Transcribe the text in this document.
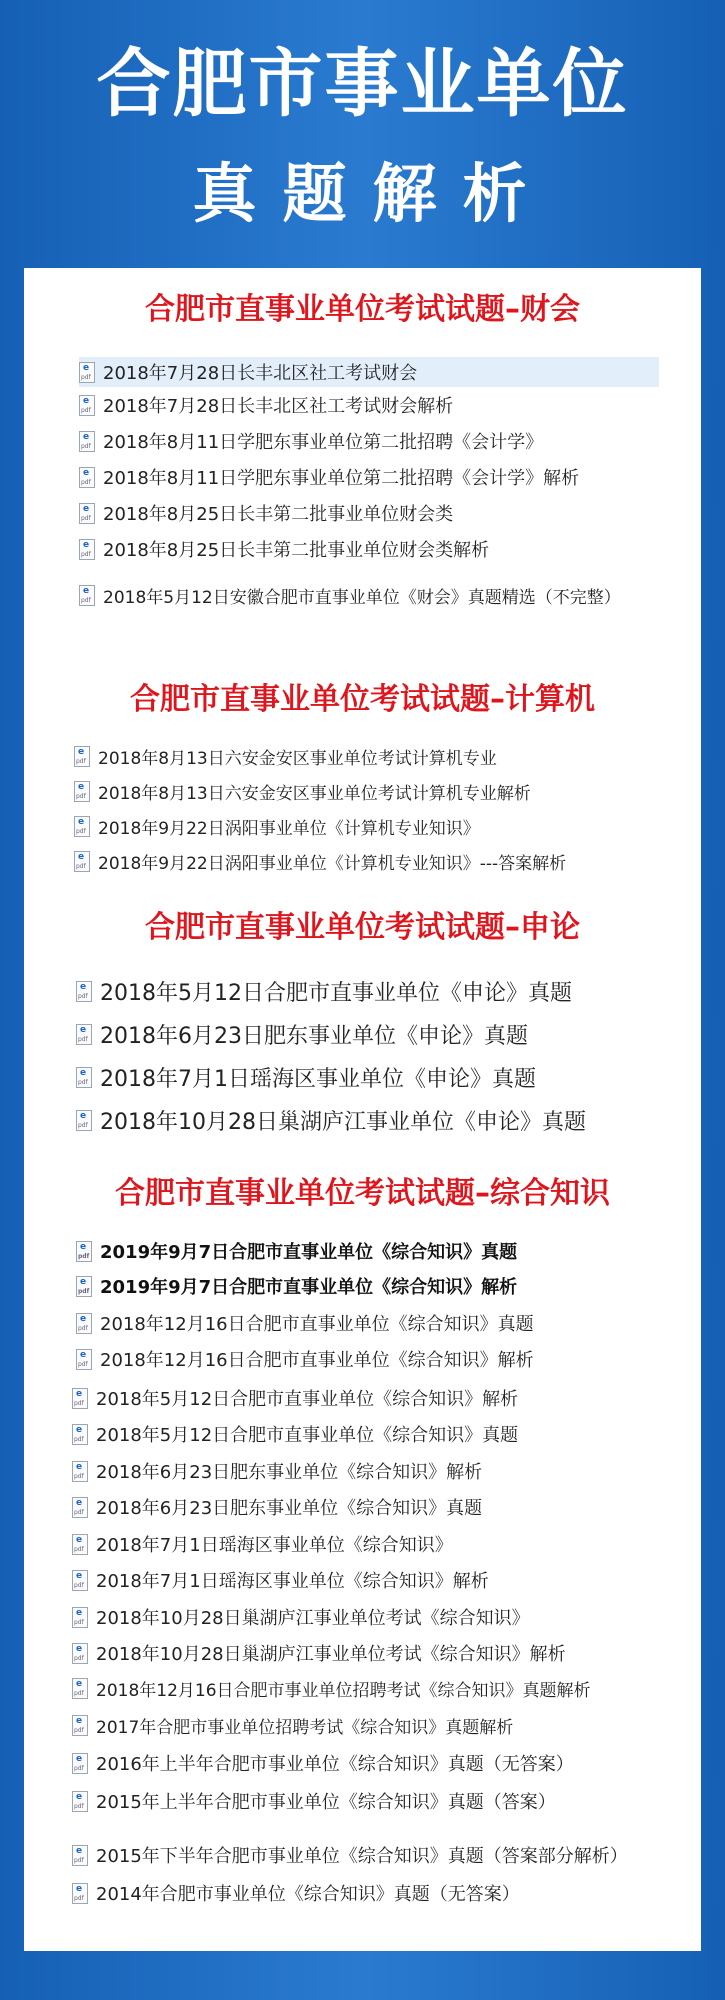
合肥市事业单位
真题解析
合肥市直事业单位考试试题–财会
e
pdf 2018年7月28日长丰北区社工考试财会
e
pdf 2018年7月28日长丰北区社工考试财会解析
e
pdf 2018年8月11日学肥东事业单位第二批招聘《会计学》
e
pdf 2018年8月11日学肥东事业单位第二批招聘《会计学》解析
e
pdf 2018年8月25日长丰第二批事业单位财会类
e
pdf 2018年8月25日长丰第二批事业单位财会类解析
e
pdf 2018年5月12日安徽合肥市直事业单位《财会》真题精选（不完整）
合肥市直事业单位考试试题–计算机
e
pdf 2018年8月13日六安金安区事业单位考试计算机专业
e
pdf 2018年8月13日六安金安区事业单位考试计算机专业解析
e
pdf 2018年9月22日涡阳事业单位《计算机专业知识》
e
pdf 2018年9月22日涡阳事业单位《计算机专业知识》---答案解析
合肥市直事业单位考试试题–申论
e
pdf 2018年5月12日合肥市直事业单位《申论》真题
e
pdf 2018年6月23日肥东事业单位《申论》真题
e
pdf 2018年7月1日瑶海区事业单位《申论》真题
e
pdf 2018年10月28日巢湖庐江事业单位《申论》真题
合肥市直事业单位考试试题–综合知识
e
pdf 2019年9月7日合肥市直事业单位《综合知识》真题
e
pdf 2019年9月7日合肥市直事业单位《综合知识》解析
e
pdf 2018年12月16日合肥市直事业单位《综合知识》真题
e
pdf 2018年12月16日合肥市直事业单位《综合知识》解析
e
pdf 2018年5月12日合肥市直事业单位《综合知识》解析
e
pdf 2018年5月12日合肥市直事业单位《综合知识》真题
e
pdf 2018年6月23日肥东事业单位《综合知识》解析
e
pdf 2018年6月23日肥东事业单位《综合知识》真题
e
pdf 2018年7月1日瑶海区事业单位《综合知识》
e
pdf 2018年7月1日瑶海区事业单位《综合知识》解析
e
pdf 2018年10月28日巢湖庐江事业单位考试《综合知识》
e
pdf 2018年10月28日巢湖庐江事业单位考试《综合知识》解析
e
pdf 2018年12月16日合肥市事业单位招聘考试《综合知识》真题解析
e
pdf 2017年合肥市事业单位招聘考试《综合知识》真题解析
e
pdf 2016年上半年合肥市事业单位《综合知识》真题（无答案）
e
pdf 2015年上半年合肥市事业单位《综合知识》真题（答案）
e
pdf 2015年下半年合肥市事业单位《综合知识》真题（答案部分解析）
e
pdf 2014年合肥市事业单位《综合知识》真题（无答案）
